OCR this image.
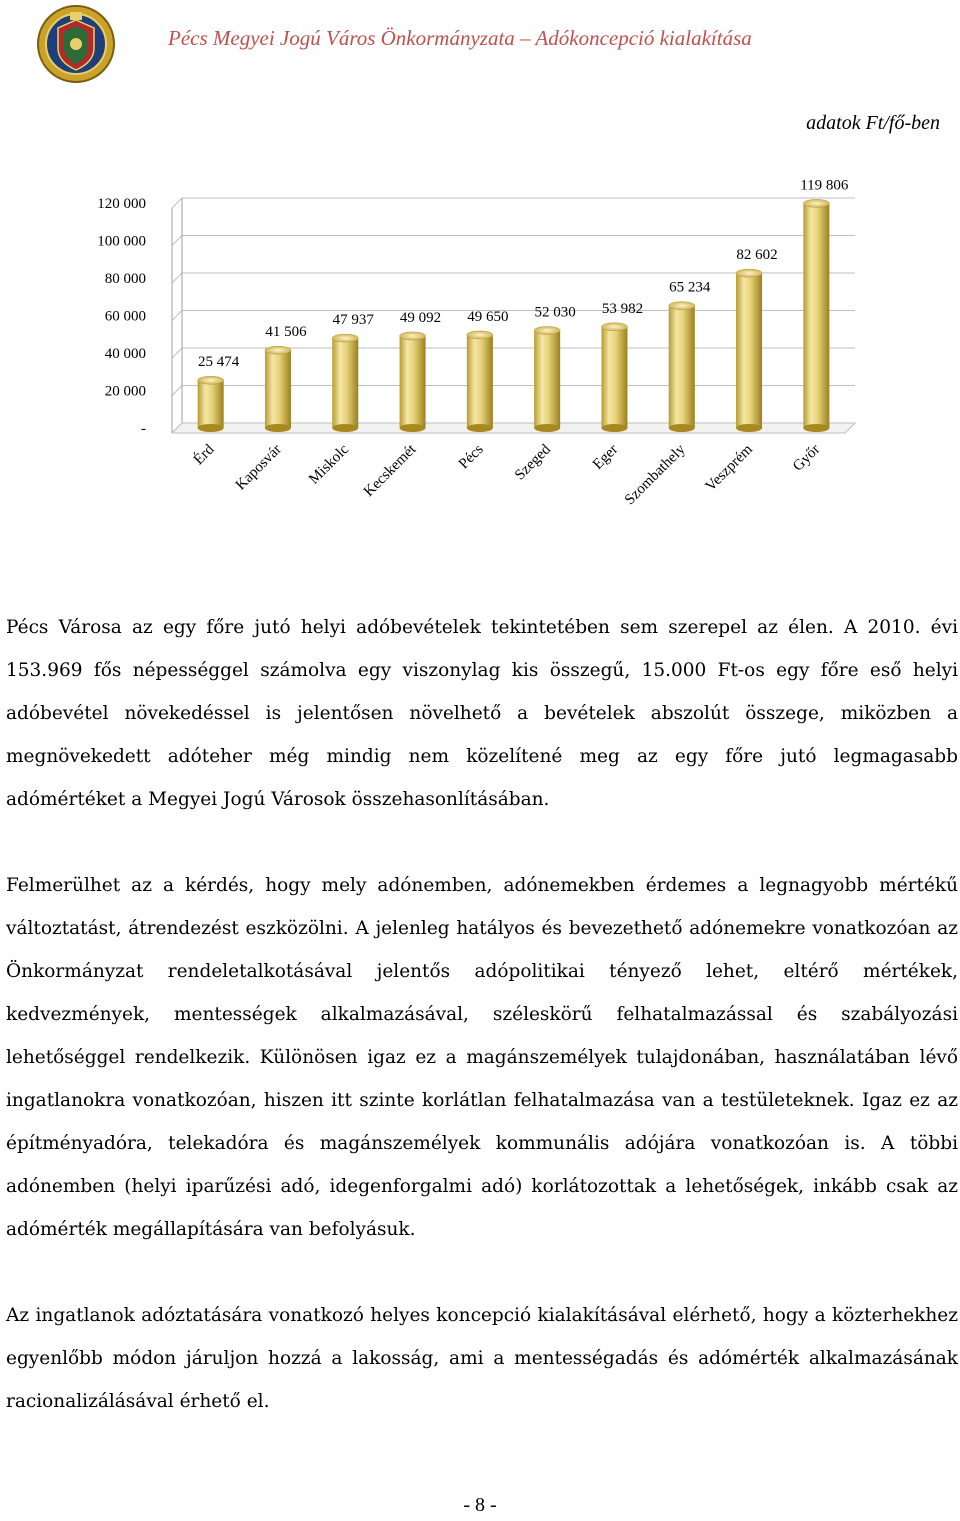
Pécs Megyei Jogú Város Önkormányzata – Adókoncepció kialakítása
adatok Ft/fő-ben
-
20 000
40 000
60 000
80 000
100 000
120 000
25 474
Érd
41 506
Kaposvár
47 937
Miskolc
49 092
Kecskemét
49 650
Pécs
52 030
Szeged
53 982
Eger
65 234
Szombathely
82 602
Veszprém
119 806
Győr

Pécs Városa az egy főre jutó helyi adóbevételek tekintetében sem szerepel az élen. A 2010. évi 153.969 fős népességgel számolva egy viszonylag kis összegű, 15.000 Ft-os egy főre eső helyi adóbevétel növekedéssel is jelentősen növelhető a bevételek abszolút összege, miközben a megnövekedett adóteher még mindig nem közelítené meg az egy főre jutó legmagasabb adómértéket a Megyei Jogú Városok összehasonlításában.

Felmerülhet az a kérdés, hogy mely adónemben, adónemekben érdemes a legnagyobb mértékű változtatást, átrendezést eszközölni. A jelenleg hatályos és bevezethető adónemekre vonatkozóan az Önkormányzat rendeletalkotásával jelentős adópolitikai tényező lehet, eltérő mértékek, kedvezmények, mentességek alkalmazásával, széleskörű felhatalmazással és szabályozási lehetőséggel rendelkezik. Különösen igaz ez a magánszemélyek tulajdonában, használatában lévő ingatlanokra vonatkozóan, hiszen itt szinte korlátlan felhatalmazása van a testületeknek. Igaz ez az építményadóra, telekadóra és magánszemélyek kommunális adójára vonatkozóan is. A többi adónemben (helyi iparűzési adó, idegenforgalmi adó) korlátozottak a lehetőségek, inkább csak az adómérték megállapítására van befolyásuk.

Az ingatlanok adóztatására vonatkozó helyes koncepció kialakításával elérhető, hogy a közterhekhez egyenlőbb módon járuljon hozzá a lakosság, ami a mentességadás és adómérték alkalmazásának racionalizálásával érhető el.

- 8 -
